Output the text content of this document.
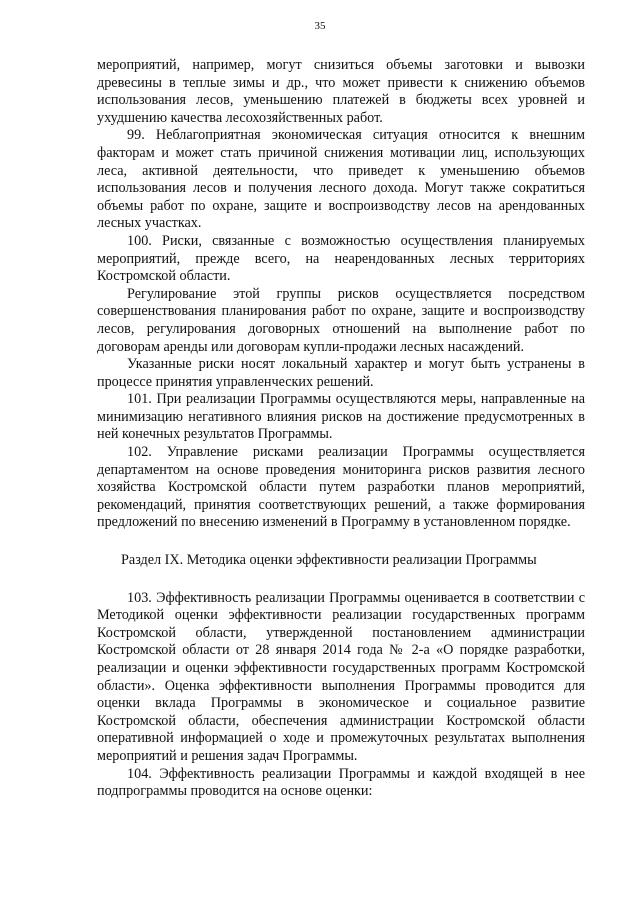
35

мероприятий, например, могут снизиться объемы заготовки и вывозки древесины в теплые зимы и др., что может привести к снижению объемов использования лесов, уменьшению платежей в бюджеты всех уровней и ухудшению качества лесохозяйственных работ.

99. Неблагоприятная экономическая ситуация относится к внешним факторам и может стать причиной снижения мотивации лиц, использующих леса, активной деятельности, что приведет к уменьшению объемов использования лесов и получения лесного дохода. Могут также сократиться объемы работ по охране, защите и воспроизводству лесов на арендованных лесных участках.

100. Риски, связанные с возможностью осуществления планируемых мероприятий, прежде всего, на неарендованных лесных территориях Костромской области.

Регулирование этой группы рисков осуществляется посредством совершенствования планирования работ по охране, защите и воспроизводству лесов, регулирования договорных отношений на выполнение работ по договорам аренды или договорам купли-продажи лесных насаждений.

Указанные риски носят локальный характер и могут быть устранены в процессе принятия управленческих решений.

101. При реализации Программы осуществляются меры, направленные на минимизацию негативного влияния рисков на достижение предусмотренных в ней конечных результатов Программы.

102. Управление рисками реализации Программы осуществляется департаментом на основе проведения мониторинга рисков развития лесного хозяйства Костромской области путем разработки планов мероприятий, рекомендаций, принятия соответствующих решений, а также формирования предложений по внесению изменений в Программу в установленном порядке.

Раздел IX. Методика оценки эффективности реализации Программы

103. Эффективность реализации Программы оценивается в соответствии с Методикой оценки эффективности реализации государственных программ Костромской области, утвержденной постановлением администрации Костромской области от 28 января 2014 года № 2-а «О порядке разработки, реализации и оценки эффективности государственных программ Костромской области». Оценка эффективности выполнения Программы проводится для оценки вклада Программы в экономическое и социальное развитие Костромской области, обеспечения администрации Костромской области оперативной информацией о ходе и промежуточных результатах выполнения мероприятий и решения задач Программы.

104. Эффективность реализации Программы и каждой входящей в нее подпрограммы проводится на основе оценки:
